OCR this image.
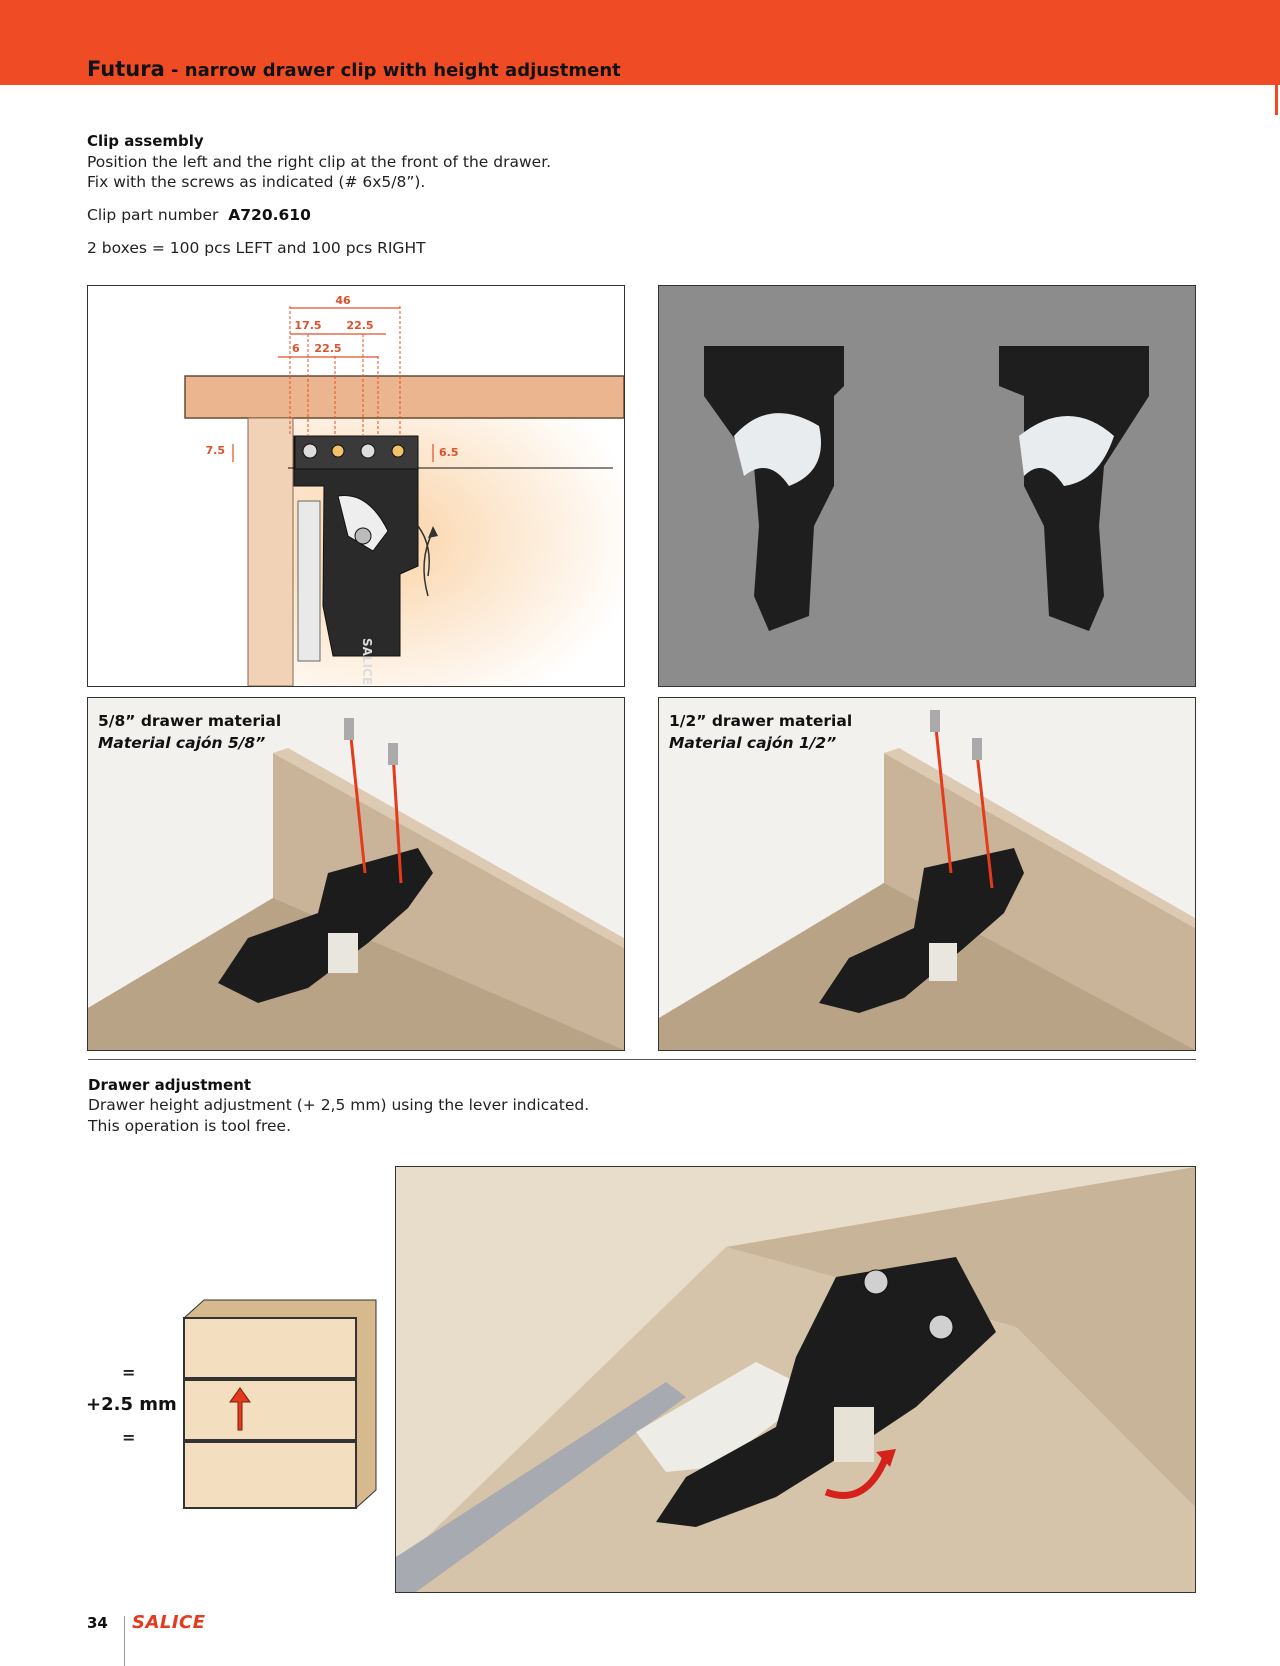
Futura - narrow drawer clip with height adjustment
Clip assembly
Position the left and the right clip at the front of the drawer.
Fix with the screws as indicated (# 6x5/8”).
Clip part number A720.610
2 boxes = 100 pcs LEFT and 100 pcs RIGHT
SALICE
46
17.5 22.5
6 22.5
7.5	6.5
5/8” drawer material
Material cajón 5/8”
1/2” drawer material
Material cajón 1/2”
Drawer adjustment
Drawer height adjustment (+ 2,5 mm) using the lever indicated.
This operation is tool free.
=
+2.5 mm
=
34 SALICE
